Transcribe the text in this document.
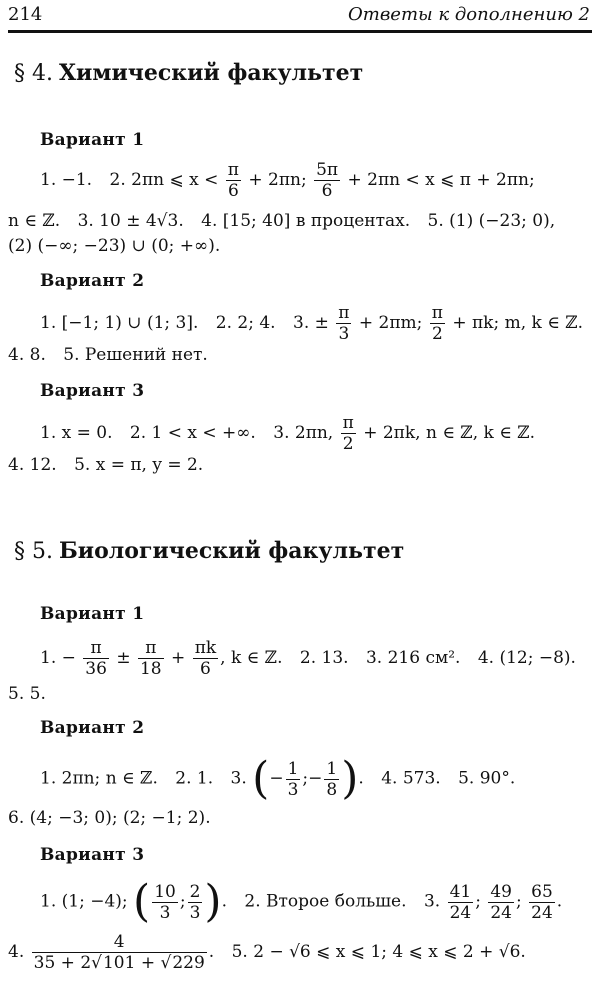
214	Ответы к дополнению 2
§ 4. Химический факультет
Вариант 1
1. −1. 2. 2πn ⩽ $x < \frac{\pi}{6} + 2\pi n$; $\frac{5\pi}{6} + 2\pi n < x$ ⩽ π + 2πn;
n ∈ ℤ. 3. 10 ± 4√3. 4. [15; 40] в процентах. 5. (1) (−23; 0),
(2) (−∞; −23) ∪ (0; +∞).
Вариант 2
1. [−1; 1) ∪ (1; 3]. 2. 2; 4. 3. ± $\frac{\pi}{3} + 2\pi m$; $\frac{\pi}{2} + \pi k$; m, k ∈ ℤ.
4. 8. 5. Решений нет.
Вариант 3
1. x = 0. 2. 1 < x < +∞. 3. 2πn, $\frac{\pi}{2} + 2\pi k$, n ∈ ℤ, k ∈ ℤ.
4. 12. 5. x = π, y = 2.
§ 5. Биологический факультет
Вариант 1
1. − $\frac{\pi}{36} \pm \frac{\pi}{18} + \frac{\pi k}{6}$ , k ∈ ℤ. 2. 13. 3. 216 см². 4. (12; −8).
5. 5.
Вариант 2
1. 2πn; n ∈ ℤ. 2. 1. 3. (− $\frac{1}{3}$ ;− $\frac{1}{8}$ ). 4. 573. 5. 90°.
6. (4; −3; 0); (2; −1; 2).
Вариант 3
1. (1; −4); ( $\frac{10}{3}$ ; $\frac{2}{3}$ ). 2. Второе больше. 3. $\frac{41}{24}$ ; $\frac{49}{24}$ ; $\frac{65}{24}$ .
4. $\frac{4}{35 + 2√101 + √229}$ . 5. 2 − √6 ⩽ x ⩽ 1; 4 ⩽ x ⩽ 2 + √6.
